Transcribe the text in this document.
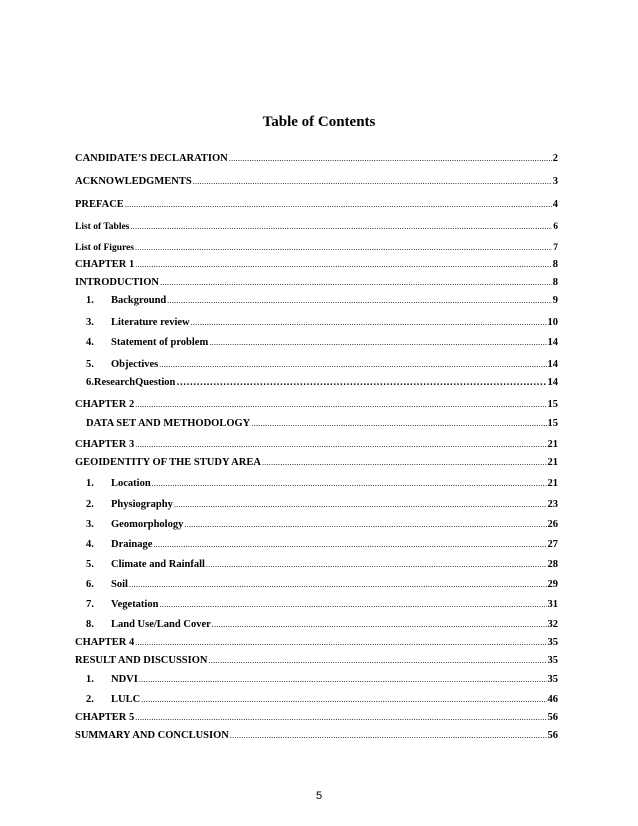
Table of Contents
CANDIDATE’S DECLARATION .....	2
ACKNOWLEDGMENTS .....	3
PREFACE .....	4
List of Tables .....	6
List of Figures .....	7
CHAPTER 1 .....	8
INTRODUCTION .....	8
1.	Background .....	9
3.	Literature review .....	10
4.	Statement of problem .....	14
5.	Objectives .....	14
6.ResearchQuestion ……………………………………………………………………………………………………………………………………………………………………	14
CHAPTER 2 .....	15
DATA SET AND METHODOLOGY .....	15
CHAPTER 3 .....	21
GEOIDENTITY OF THE STUDY AREA .....	21
1.	Location .....	21
2.	Physiography .....	23
3.	Geomorphology .....	26
4.	Drainage .....	27
5.	Climate and Rainfall .....	28
6.	Soil .....	29
7.	Vegetation .....	31
8.	Land Use/Land Cover .....	32
CHAPTER 4 .....	35
RESULT AND DISCUSSION .....	35
1.	NDVI .....	35
2.	LULC .....	46
CHAPTER 5 .....	56
SUMMARY AND CONCLUSION .....	56
5
